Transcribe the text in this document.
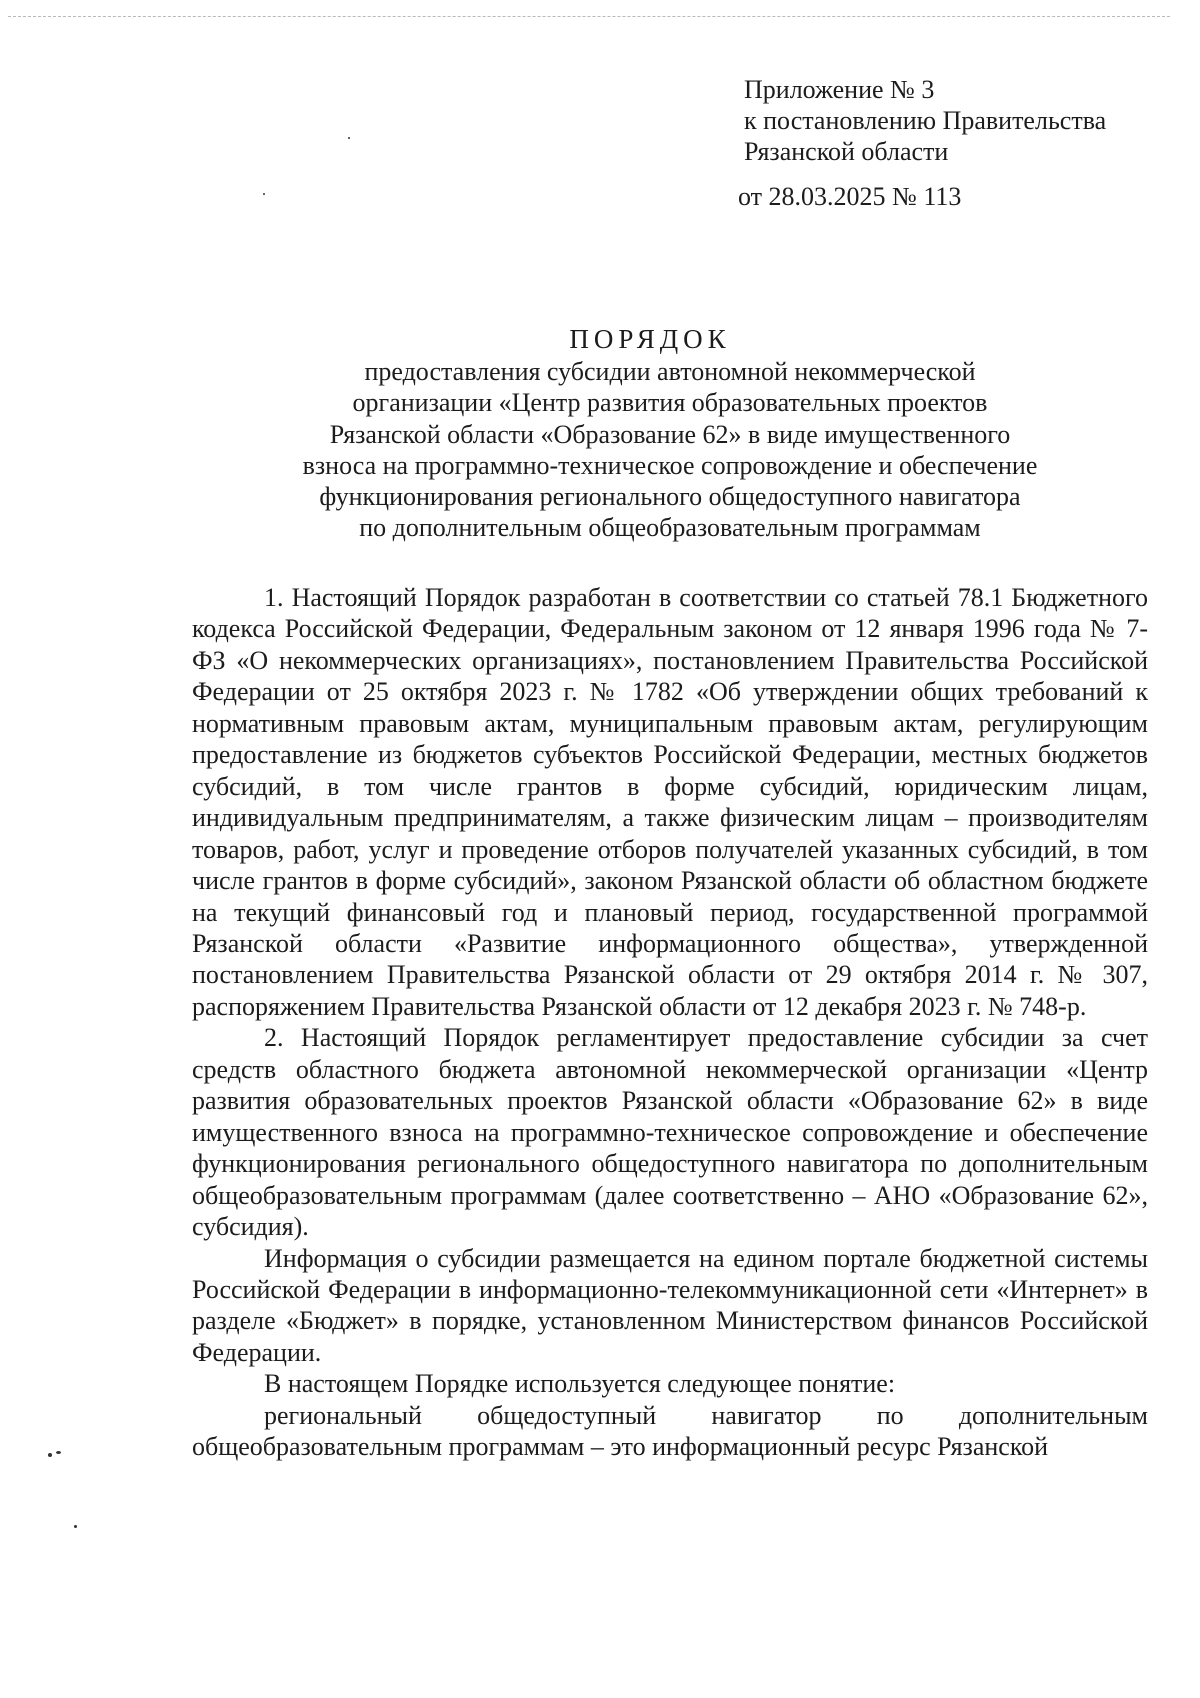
Приложение № 3
к постановлению Правительства
Рязанской области
от 28.03.2025 № 113
ПОРЯДОК
предоставления субсидии автономной некоммерческой
организации «Центр развития образовательных проектов
Рязанской области «Образование 62» в виде имущественного
взноса на программно-техническое сопровождение и обеспечение
функционирования регионального общедоступного навигатора
по дополнительным общеобразовательным программам

1. Настоящий Порядок разработан в соответствии со статьей 78.1 Бюджетного кодекса Российской Федерации, Федеральным законом от 12 января 1996 года № 7-ФЗ «О некоммерческих организациях», постановлением Правительства Российской Федерации от 25 октября 2023 г. № 1782 «Об утверждении общих требований к нормативным правовым актам, муниципальным правовым актам, регулирующим предоставление из бюджетов субъектов Российской Федерации, местных бюджетов субсидий, в том числе грантов в форме субсидий, юридическим лицам, индивидуальным предпринимателям, а также физическим лицам – производителям товаров, работ, услуг и проведение отборов получателей указанных субсидий, в том числе грантов в форме субсидий», законом Рязанской области об областном бюджете на текущий финансовый год и плановый период, государственной программой Рязанской области «Развитие информационного общества», утвержденной постановлением Правительства Рязанской области от 29 октября 2014 г. № 307, распоряжением Правительства Рязанской области от 12 декабря 2023 г. № 748-р.

2. Настоящий Порядок регламентирует предоставление субсидии за счет средств областного бюджета автономной некоммерческой организации «Центр развития образовательных проектов Рязанской области «Образование 62» в виде имущественного взноса на программно-техническое сопровождение и обеспечение функционирования регионального общедоступного навигатора по дополнительным общеобразовательным программам (далее соответственно – АНО «Образование 62», субсидия).

Информация о субсидии размещается на едином портале бюджетной системы Российской Федерации в информационно-телекоммуникационной сети «Интернет» в разделе «Бюджет» в порядке, установленном Министерством финансов Российской Федерации.

В настоящем Порядке используется следующее понятие:

региональный общедоступный навигатор по дополнительным общеобразовательным программам – это информационный ресурс Рязанской
